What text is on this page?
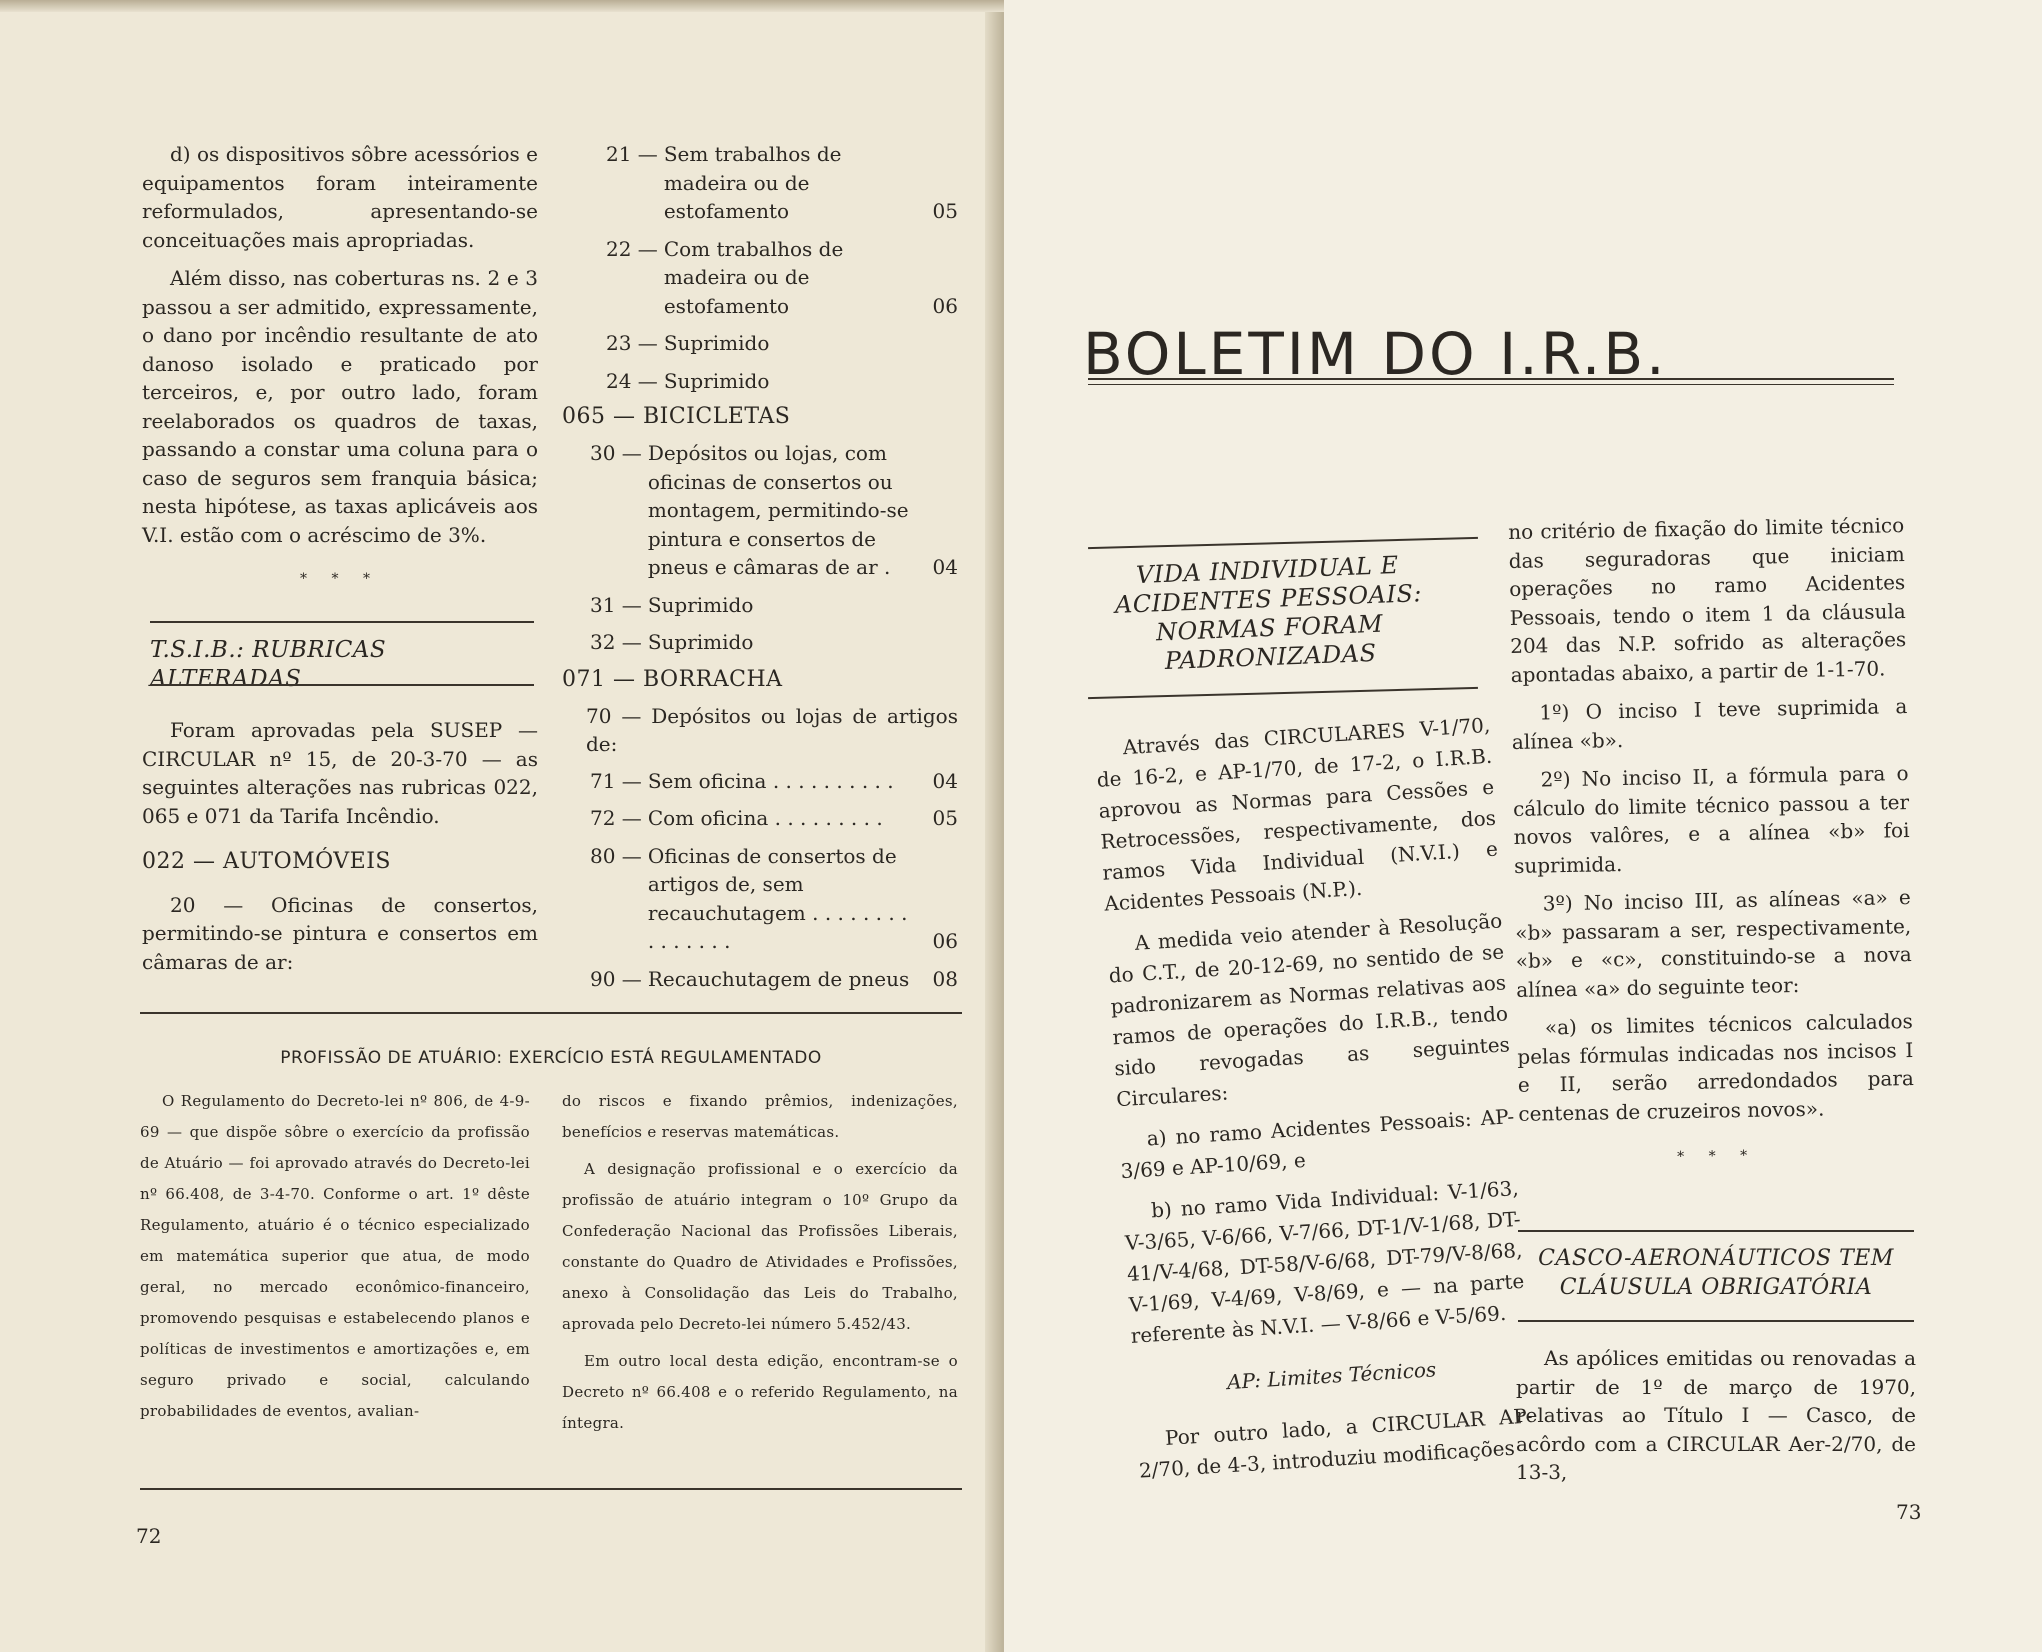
d) os dispositivos sôbre acessórios e equipamentos foram inteiramente reformulados, apresentando-se conceituações mais apropriadas.

Além disso, nas coberturas ns. 2 e 3 passou a ser admitido, expressamente, o dano por incêndio resultante de ato danoso isolado e praticado por terceiros, e, por outro lado, foram reelaborados os quadros de taxas, passando a constar uma coluna para o caso de seguros sem franquia básica; nesta hipótese, as taxas aplicáveis aos V.I. estão com o acréscimo de 3%.

* * *
T.S.I.B.: RUBRICAS ALTERADAS

Foram aprovadas pela SUSEP — CIRCULAR nº 15, de 20-3-70 — as seguintes alterações nas rubricas 022, 065 e 071 da Tarifa Incêndio.

022 — AUTOMÓVEIS

20 — Oficinas de consertos, permitindo-se pintura e consertos em câmaras de ar:

21 — Sem trabalhos de madeira ou de estofamento	05
22 — Com trabalhos de madeira ou de estofamento	06
23 — Suprimido
24 — Suprimido
065 — BICICLETAS
30 — Depósitos ou lojas, com oficinas de consertos ou montagem, permitindo-se pintura e consertos de pneus e câmaras de ar .	04
31 — Suprimido
32 — Suprimido
071 — BORRACHA
70 — Depósitos ou lojas de artigos de:
71 — Sem oficina . . . . . . . . . .	04
72 — Com oficina . . . . . . . . .	05
80 — Oficinas de consertos de artigos de, sem recauchutagem . . . . . . . . . . . . . . .	06
90 — Recauchutagem de pneus	08
PROFISSÃO DE ATUÁRIO: EXERCÍCIO ESTÁ REGULAMENTADO

O Regulamento do Decreto-lei nº 806, de 4-9-69 — que dispõe sôbre o exercício da profissão de Atuário — foi aprovado através do Decreto-lei nº 66.408, de 3-4-70. Conforme o art. 1º dêste Regulamento, atuário é o técnico especializado em matemática superior que atua, de modo geral, no mercado econômico-financeiro, promovendo pesquisas e estabelecendo planos e políticas de investimentos e amortizações e, em seguro privado e social, calculando probabilidades de eventos, avalian-

do riscos e fixando prêmios, indenizações, benefícios e reservas matemáticas.

A designação profissional e o exercício da profissão de atuário integram o 10º Grupo da Confederação Nacional das Profissões Liberais, constante do Quadro de Atividades e Profissões, anexo à Consolidação das Leis do Trabalho, aprovada pelo Decreto-lei número 5.452/43.

Em outro local desta edição, encontram-se o Decreto nº 66.408 e o referido Regulamento, na íntegra.

72
BOLETIM DO I.R.B.
VIDA INDIVIDUAL E ACIDENTES PESSOAIS: NORMAS FORAM PADRONIZADAS

Através das CIRCULARES V-1/70, de 16-2, e AP-1/70, de 17-2, o I.R.B. aprovou as Normas para Cessões e Retrocessões, respectivamente, dos ramos Vida Individual (N.V.I.) e Acidentes Pessoais (N.P.).

A medida veio atender à Resolução do C.T., de 20-12-69, no sentido de se padronizarem as Normas relativas aos ramos de operações do I.R.B., tendo sido revogadas as seguintes Circulares:

a) no ramo Acidentes Pessoais: AP-3/69 e AP-10/69, e

b) no ramo Vida Individual: V-1/63, V-3/65, V-6/66, V-7/66, DT-1/V-1/68, DT-41/V-4/68, DT-58/V-6/68, DT-79/V-8/68, V-1/69, V-4/69, V-8/69, e — na parte referente às N.V.I. — V-8/66 e V-5/69.

AP: Limites Técnicos

Por outro lado, a CIRCULAR AP-2/70, de 4-3, introduziu modificações

no critério de fixação do limite técnico das seguradoras que iniciam operações no ramo Acidentes Pessoais, tendo o item 1 da cláusula 204 das N.P. sofrido as alterações apontadas abaixo, a partir de 1-1-70.

1º) O inciso I teve suprimida a alínea «b».

2º) No inciso II, a fórmula para o cálculo do limite técnico passou a ter novos valôres, e a alínea «b» foi suprimida.

3º) No inciso III, as alíneas «a» e «b» passaram a ser, respectivamente, «b» e «c», constituindo-se a nova alínea «a» do seguinte teor:

«a) os limites técnicos calculados pelas fórmulas indicadas nos incisos I e II, serão arredondados para centenas de cruzeiros novos».

* * *
CASCO-AERONÁUTICOS TEM CLÁUSULA OBRIGATÓRIA

As apólices emitidas ou renovadas a partir de 1º de março de 1970, relativas ao Título I — Casco, de acôrdo com a CIRCULAR Aer-2/70, de 13-3,

73
